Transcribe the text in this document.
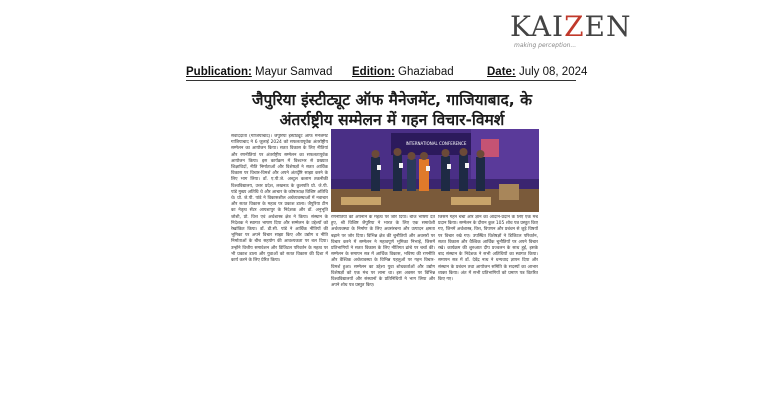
KAIZEN
making perception...
Publication: Mayur Samvad Edition: Ghaziabad	Date: July 08, 2024
जैपुरिया इंस्टीट्यूट ऑफ मैनेजमेंट, गाजियाबाद, के
अंतर्राष्ट्रीय सम्मेलन में गहन विचार-विमर्श
संवाददाता (गाजियाबाद)। जैपुरिया इंस्टीट्यूट ऑफ मैनेजमेंट गाजियाबाद ने 6 जुलाई 2024 को सफलतापूर्वक अंतर्राष्ट्रीय सम्मेलन का आयोजन किया। सतत विकास के लिए नीतियां और रणनीतियां पर अंतर्राष्ट्रीय सम्मेलन का सफलतापूर्वक आयोजन किया। इस कार्यक्रम में विश्वभर से प्रख्यात शिक्षाविदों, नीति निर्माताओं और विशेषज्ञों ने सतत आर्थिक विकास पर विचार-विमर्श और अपने अंतर्दृष्टि साझा करने के लिए भाग लिया। डॉ. ए.पी.जे. अब्दुल कलाम तकनीकी विश्वविद्यालय, उत्तर प्रदेश, लखनऊ के कुलपति प्रो. जे.पी. पांडे मुख्य अतिथि थे और आचार के कोषाध्यक्ष विशिष्ट अतिथि थे। प्रो. जे.पी. पांडे ने विकासशील अर्थव्यवस्थाओं में नवाचार और सतत विकास के महत्व पर प्रकाश डाला। जैपुरिया टीम का नेतृत्व सेंटर आयशापुर के निदेशक और डॉ. अनुभूति जोशी, प्रो. वित्त एवं अर्थशास्त्र क्षेत्र ने किया। संस्थान के निदेशक ने स्वागत भाषण दिया और सम्मेलन के उद्देश्यों को रेखांकित किया। डॉ. डी.सी. पांडे ने आर्थिक नीतियों की भूमिका पर अपने विचार साझा किए और उद्योग व नीति निर्माताओं के बीच सहयोग की आवश्यकता पर बल दिया। उन्होंने वित्तीय समावेशन और डिजिटल परिवर्तन के महत्व पर भी प्रकाश डाला और युवाओं को सतत विकास की दिशा में कार्य करने के लिए प्रेरित किया।
INTERNATIONAL CONFERENCE
रणनीतियों को अपनाने के महत्व पर जोर दिया। बीज भाषण देते हुए, श्री विशिष्ट जैपुरिया ने भारत के लिए एक समावेशी अर्थव्यवस्था के निर्माण के लिए अवसंरचना और उत्पादन क्षमता बढ़ाने पर जोर दिया। विभिन्न क्षेत्र की चुनौतियों और अवसरों पर विचार करने में सम्मेलन ने महत्वपूर्ण भूमिका निभाई, जिसमें प्रतिभागियों ने सतत विकास के लिए नीतिगत ढांचे पर चर्चा की। सम्मेलन के समापन सत्र में आर्थिक विकास, भविष्य की रणनीति और वैश्विक अर्थव्यवस्था के विभिन्न पहलुओं पर गहन विचार-विमर्श हुआ। सम्मेलन का उद्देश्य युवा शोधकर्ताओं और उद्योग विशेषज्ञों को एक मंच पर लाना था। इस अवसर पर विभिन्न विश्वविद्यालयों और संस्थानों के प्रतिनिधियों ने भाग लिया और अपने शोध पत्र प्रस्तुत किए।
जिसमें गहन चर्चा और ज्ञान का आदान-प्रदान के लिए एक मंच प्रदान किया। सम्मेलन के दौरान कुल 105 शोध पत्र प्रस्तुत किए गए, जिनमें अर्थशास्त्र, वित्त, विपणन और प्रबंधन से जुड़े विषयों पर विचार रखे गए। उपस्थित विशेषज्ञों ने डिजिटल परिवर्तन, सतत विकास और वैश्विक आर्थिक चुनौतियों पर अपने विचार रखे। कार्यक्रम की शुरुआत दीप प्रज्वलन के साथ हुई, इसके बाद संस्थान के निदेशक ने सभी अतिथियों का स्वागत किया। समापन सत्र में डॉ. देवेंद्र नाथ ने धन्यवाद ज्ञापन दिया और संस्थान के प्रबंधन तथा आयोजन समिति के सदस्यों का आभार व्यक्त किया। अंत में सभी प्रतिभागियों को प्रमाण पत्र वितरित किए गए।
